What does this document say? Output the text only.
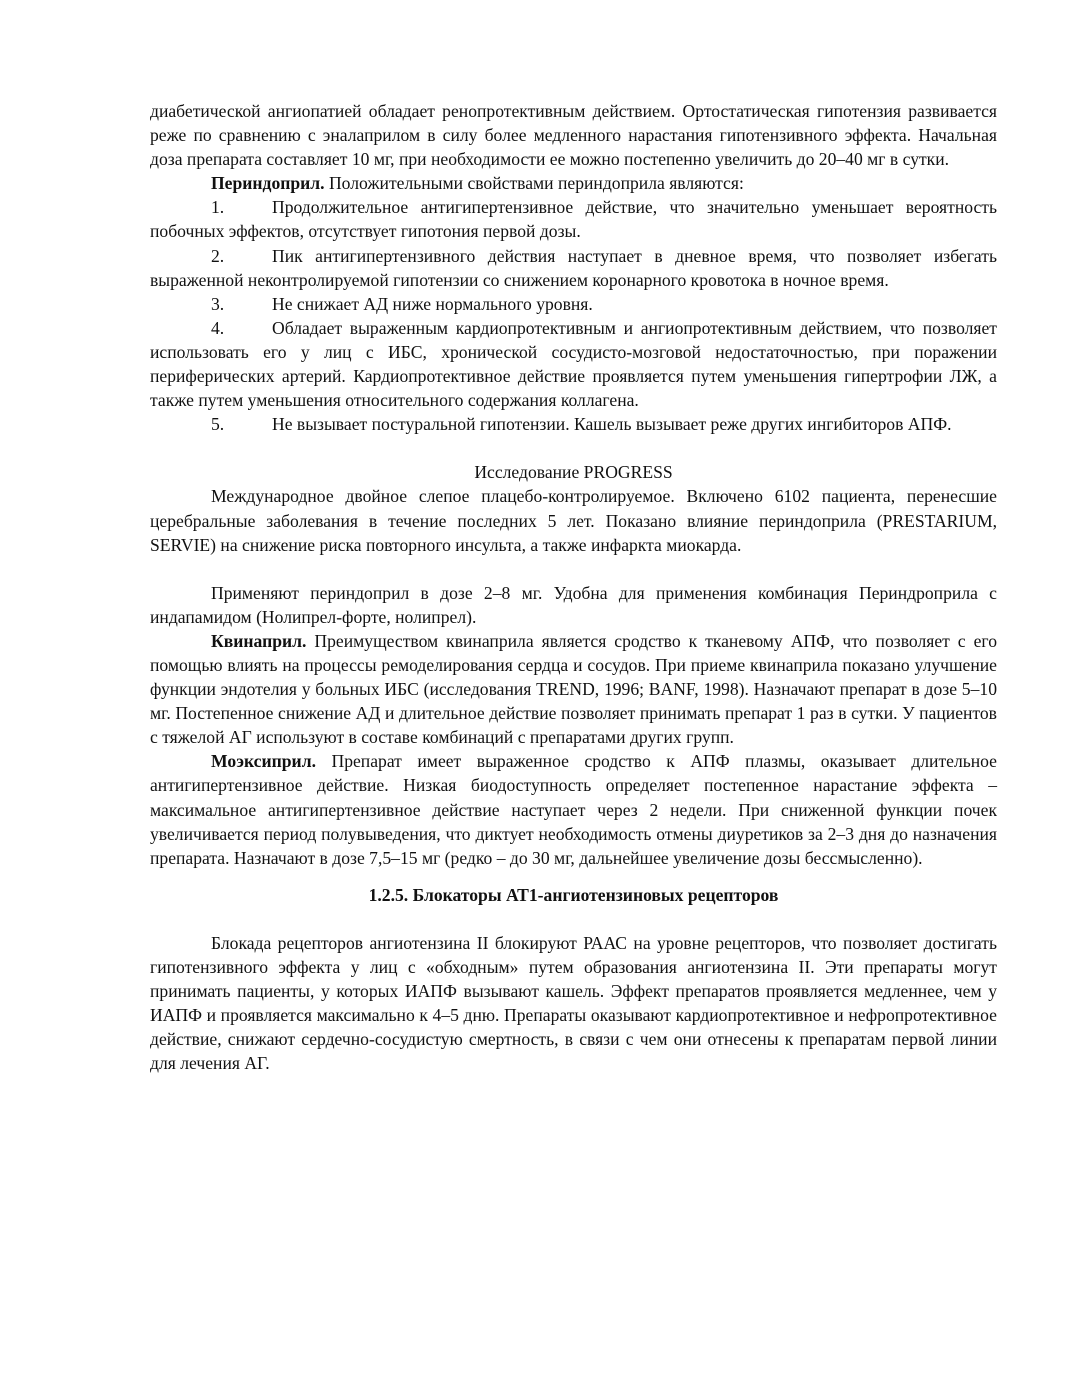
диабетической ангиопатией обладает ренопротективным действием. Ортостатическая гипотензия развивается реже по сравнению с эналаприлом в силу более медленного нарастания гипотензивного эффекта. Начальная доза препарата составляет 10 мг, при необходимости ее можно постепенно увеличить до 20–40 мг в сутки.

Периндоприл. Положительными свойствами периндоприла являются:

1.	Продолжительное антигипертензивное действие, что значительно уменьшает вероятность побочных эффектов, отсутствует гипотония первой дозы.

2.	Пик антигипертензивного действия наступает в дневное время, что позволяет избегать выраженной неконтролируемой гипотензии со снижением коронарного кровотока в ночное время.

3.	Не снижает АД ниже нормального уровня.

4.	Обладает выраженным кардиопротективным и ангиопротективным действием, что позволяет использовать его у лиц с ИБС, хронической сосудисто-мозговой недостаточностью, при поражении периферических артерий. Кардиопротективное действие проявляется путем уменьшения гипертрофии ЛЖ, а также путем уменьшения относительного содержания коллагена.

5.	Не вызывает постуральной гипотензии. Кашель вызывает реже других ингибиторов АПФ.

Исследование PROGRESS

Международное двойное слепое плацебо-контролируемое. Включено 6102 пациента, перенесшие церебральные заболевания в течение последних 5 лет. Показано влияние периндоприла (PRESTARIUM, SERVIE) на снижение риска повторного инсульта, а также инфаркта миокарда.

Применяют периндоприл в дозе 2–8 мг. Удобна для применения комбинация Периндроприла с индапамидом (Нолипрел-форте, нолипрел).

Квинаприл. Преимуществом квинаприла является сродство к тканевому АПФ, что позволяет с его помощью влиять на процессы ремоделирования сердца и сосудов. При приеме квинаприла показано улучшение функции эндотелия у больных ИБС (исследования TREND, 1996; BANF, 1998). Назначают препарат в дозе 5–10 мг. Постепенное снижение АД и длительное действие позволяет принимать препарат 1 раз в сутки. У пациентов с тяжелой АГ используют в составе комбинаций с препаратами других групп.

Моэксиприл. Препарат имеет выраженное сродство к АПФ плазмы, оказывает длительное антигипертензивное действие. Низкая биодоступность определяет постепенное нарастание эффекта – максимальное антигипертензивное действие наступает через 2 недели. При сниженной функции почек увеличивается период полувыведения, что диктует необходимость отмены диуретиков за 2–3 дня до назначения препарата. Назначают в дозе 7,5–15 мг (редко – до 30 мг, дальнейшее увеличение дозы бессмысленно).

1.2.5. Блокаторы АТ1-ангиотензиновых рецепторов

Блокада рецепторов ангиотензина II блокируют РААС на уровне рецепторов, что позволяет достигать гипотензивного эффекта у лиц с «обходным» путем образования ангиотензина II. Эти препараты могут принимать пациенты, у которых ИАПФ вызывают кашель. Эффект препаратов проявляется медленнее, чем у ИАПФ и проявляется максимально к 4–5 дню. Препараты оказывают кардиопротективное и нефропротективное действие, снижают сердечно-сосудистую смертность, в связи с чем они отнесены к препаратам первой линии для лечения АГ.
